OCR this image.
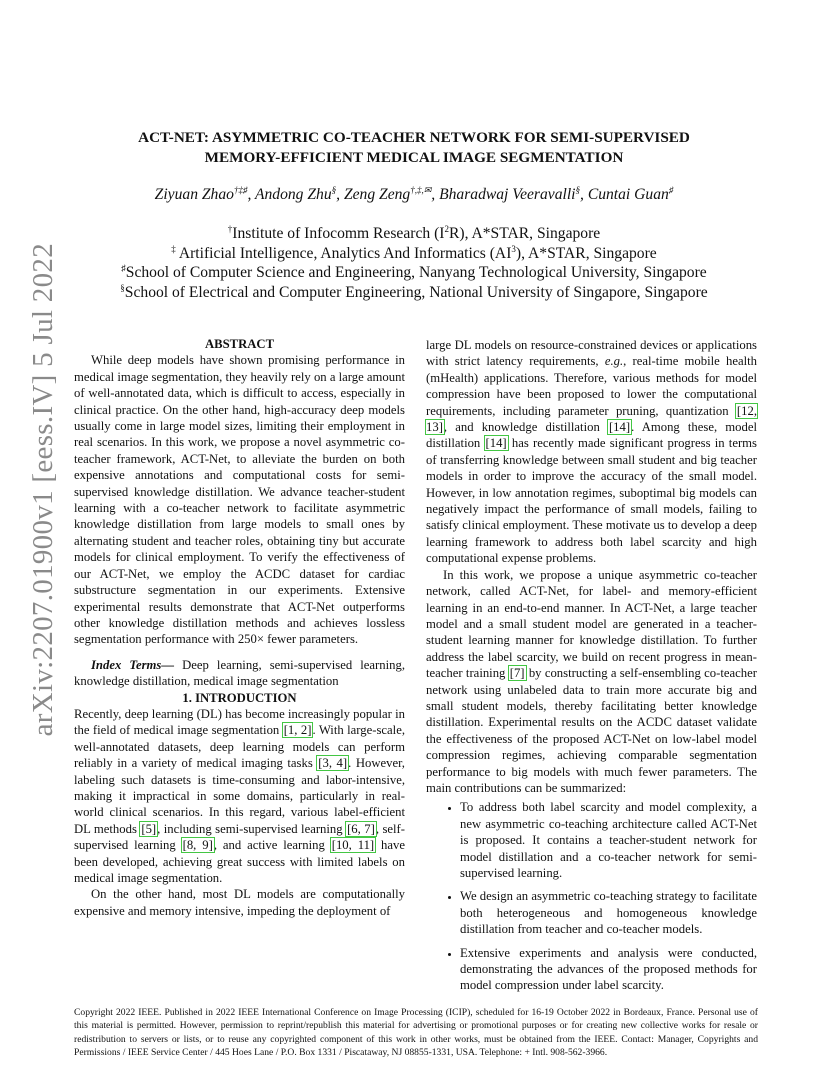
arXiv:2207.01900v1 [eess.IV] 5 Jul 2022
ACT-NET: ASYMMETRIC CO-TEACHER NETWORK FOR SEMI-SUPERVISED
MEMORY-EFFICIENT MEDICAL IMAGE SEGMENTATION
Ziyuan Zhao†‡♯, Andong Zhu§, Zeng Zeng†,‡,✉, Bharadwaj Veeravalli§, Cuntai Guan♯
†Institute of Infocomm Research $(I^2R)$, A*STAR, Singapore
‡ Artificial Intelligence, Analytics And Informatics $(AI^3)$, A*STAR, Singapore
♯School of Computer Science and Engineering, Nanyang Technological University, Singapore
§School of Electrical and Computer Engineering, National University of Singapore, Singapore

ABSTRACT

While deep models have shown promising performance in medical image segmentation, they heavily rely on a large amount of well-annotated data, which is difficult to access, especially in clinical practice. On the other hand, high-accuracy deep models usually come in large model sizes, limiting their employment in real scenarios. In this work, we propose a novel asymmetric co-teacher framework, ACT-Net, to alleviate the burden on both expensive annotations and computational costs for semi-supervised knowledge distillation. We advance teacher-student learning with a co-teacher network to facilitate asymmetric knowledge distillation from large models to small ones by alternating student and teacher roles, obtaining tiny but accurate models for clinical employment. To verify the effectiveness of our ACT-Net, we employ the ACDC dataset for cardiac substructure segmentation in our experiments. Extensive experimental results demonstrate that ACT-Net outperforms other knowledge distillation methods and achieves lossless segmentation performance with 250× fewer parameters.

Index Terms— Deep learning, semi-supervised learning, knowledge distillation, medical image segmentation

1. INTRODUCTION

Recently, deep learning (DL) has become increasingly popular in the field of medical image segmentation [1, 2]. With large-scale, well-annotated datasets, deep learning models can perform reliably in a variety of medical imaging tasks [3, 4]. However, labeling such datasets is time-consuming and labor-intensive, making it impractical in some domains, particularly in real-world clinical scenarios. In this regard, various label-efficient DL methods [5], including semi-supervised learning [6, 7], self-supervised learning [8, 9], and active learning [10, 11] have been developed, achieving great success with limited labels on medical image segmentation.

On the other hand, most DL models are computationally expensive and memory intensive, impeding the deployment of

large DL models on resource-constrained devices or applications with strict latency requirements, e.g., real-time mobile health (mHealth) applications. Therefore, various methods for model compression have been proposed to lower the computational requirements, including parameter pruning, quantization [12, 13], and knowledge distillation [14]. Among these, model distillation [14] has recently made significant progress in terms of transferring knowledge between small student and big teacher models in order to improve the accuracy of the small model. However, in low annotation regimes, suboptimal big models can negatively impact the performance of small models, failing to satisfy clinical employment. These motivate us to develop a deep learning framework to address both label scarcity and high computational expense problems.

In this work, we propose a unique asymmetric co-teacher network, called ACT-Net, for label- and memory-efficient learning in an end-to-end manner. In ACT-Net, a large teacher model and a small student model are generated in a teacher-student learning manner for knowledge distillation. To further address the label scarcity, we build on recent progress in mean-teacher training [7] by constructing a self-ensembling co-teacher network using unlabeled data to train more accurate big and small student models, thereby facilitating better knowledge distillation. Experimental results on the ACDC dataset validate the effectiveness of the proposed ACT-Net on low-label model compression regimes, achieving comparable segmentation performance to big models with much fewer parameters. The main contributions can be summarized:

• To address both label scarcity and model complexity, a new asymmetric co-teaching architecture called ACT-Net is proposed. It contains a teacher-student network for model distillation and a co-teacher network for semi-supervised learning.
• We design an asymmetric co-teaching strategy to facilitate both heterogeneous and homogeneous knowledge distillation from teacher and co-teacher models.
• Extensive experiments and analysis were conducted, demonstrating the advances of the proposed methods for model compression under label scarcity.
Copyright 2022 IEEE. Published in 2022 IEEE International Conference on Image Processing (ICIP), scheduled for 16-19 October 2022 in Bordeaux, France. Personal use of this material is permitted. However, permission to reprint/republish this material for advertising or promotional purposes or for creating new collective works for resale or redistribution to servers or lists, or to reuse any copyrighted component of this work in other works, must be obtained from the IEEE. Contact: Manager, Copyrights and Permissions / IEEE Service Center / 445 Hoes Lane / P.O. Box 1331 / Piscataway, NJ 08855-1331, USA. Telephone: + Intl. 908-562-3966.
